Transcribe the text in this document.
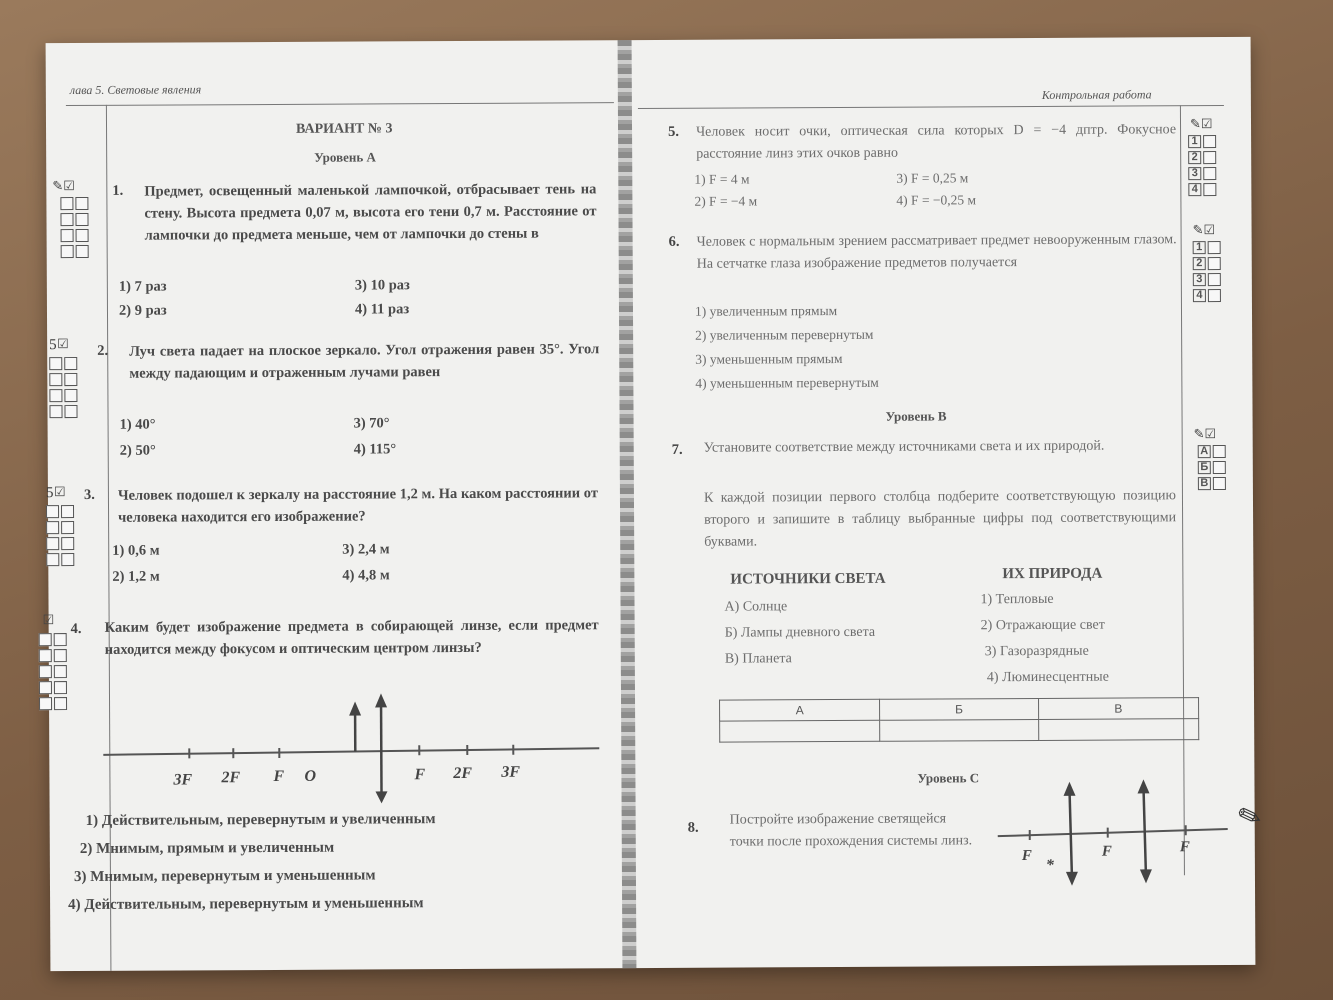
лава 5. Световые явления
ВАРИАНТ № 3
Уровень А
✎☑	1. Предмет, освещенный маленькой лампочкой, отбрасывает тень на стену. Высота предмета 0,07 м, высота его тени 0,7 м. Расстояние от лампочки до предмета меньше, чем от лампочки до стены в
1) 7 раз
2) 9 раз
3) 10 раз
4) 11 раз
5 ☑ 2. Луч света падает на плоское зеркало. Угол отражения равен 35°. Угол между падающим и отраженным лучами равен
1) 40°
2) 50°
3) 70°
4) 115°
5 ☑ 3. Человек подошел к зеркалу на расстояние 1,2 м. На каком расстоянии от человека находится его изображение?
1) 0,6 м
2) 1,2 м
3) 2,4 м
4) 4,8 м
☑
4. Каким будет изображение предмета в собирающей линзе, если предмет находится между фокусом и оптическим центром линзы?
3F 2F F O	F 2F 3F
1) Действительным, перевернутым и увеличенным
2) Мнимым, прямым и увеличенным
3) Мнимым, перевернутым и уменьшенным
4) Действительным, перевернутым и уменьшенным
Контрольная работа
5. Человек носит очки, оптическая сила которых D = −4 дптр. Фокусное расстояние линз этих очков равно
1) F = 4 м
2) F = −4 м
3) F = 0,25 м
4) F = −0,25 м
✎☑
1
2
3
4
6. Человек с нормальным зрением рассматривает предмет невооруженным глазом. На сетчатке глаза изображение предметов получается
1) увеличенным прямым
2) увеличенным перевернутым
3) уменьшенным прямым
4) уменьшенным перевернутым
✎☑
1
2
3
4
Уровень В
7. Установите соответствие между источниками света и их природой.
К каждой позиции первого столбца подберите соответствующую позицию второго и запишите в таблицу выбранные цифры под соответствующими буквами.
✎☑
А
Б
В
ИСТОЧНИКИ СВЕТА	ИХ ПРИРОДА
А) Солнце
Б) Лампы дневного света
В) Планета
1) Тепловые
2) Отражающие свет
3) Газоразрядные
4) Люминесцентные
А	Б	В

Уровень С
8.
Постройте изображение светящейся точки после прохождения системы линз.
F	F	F
*
✎
